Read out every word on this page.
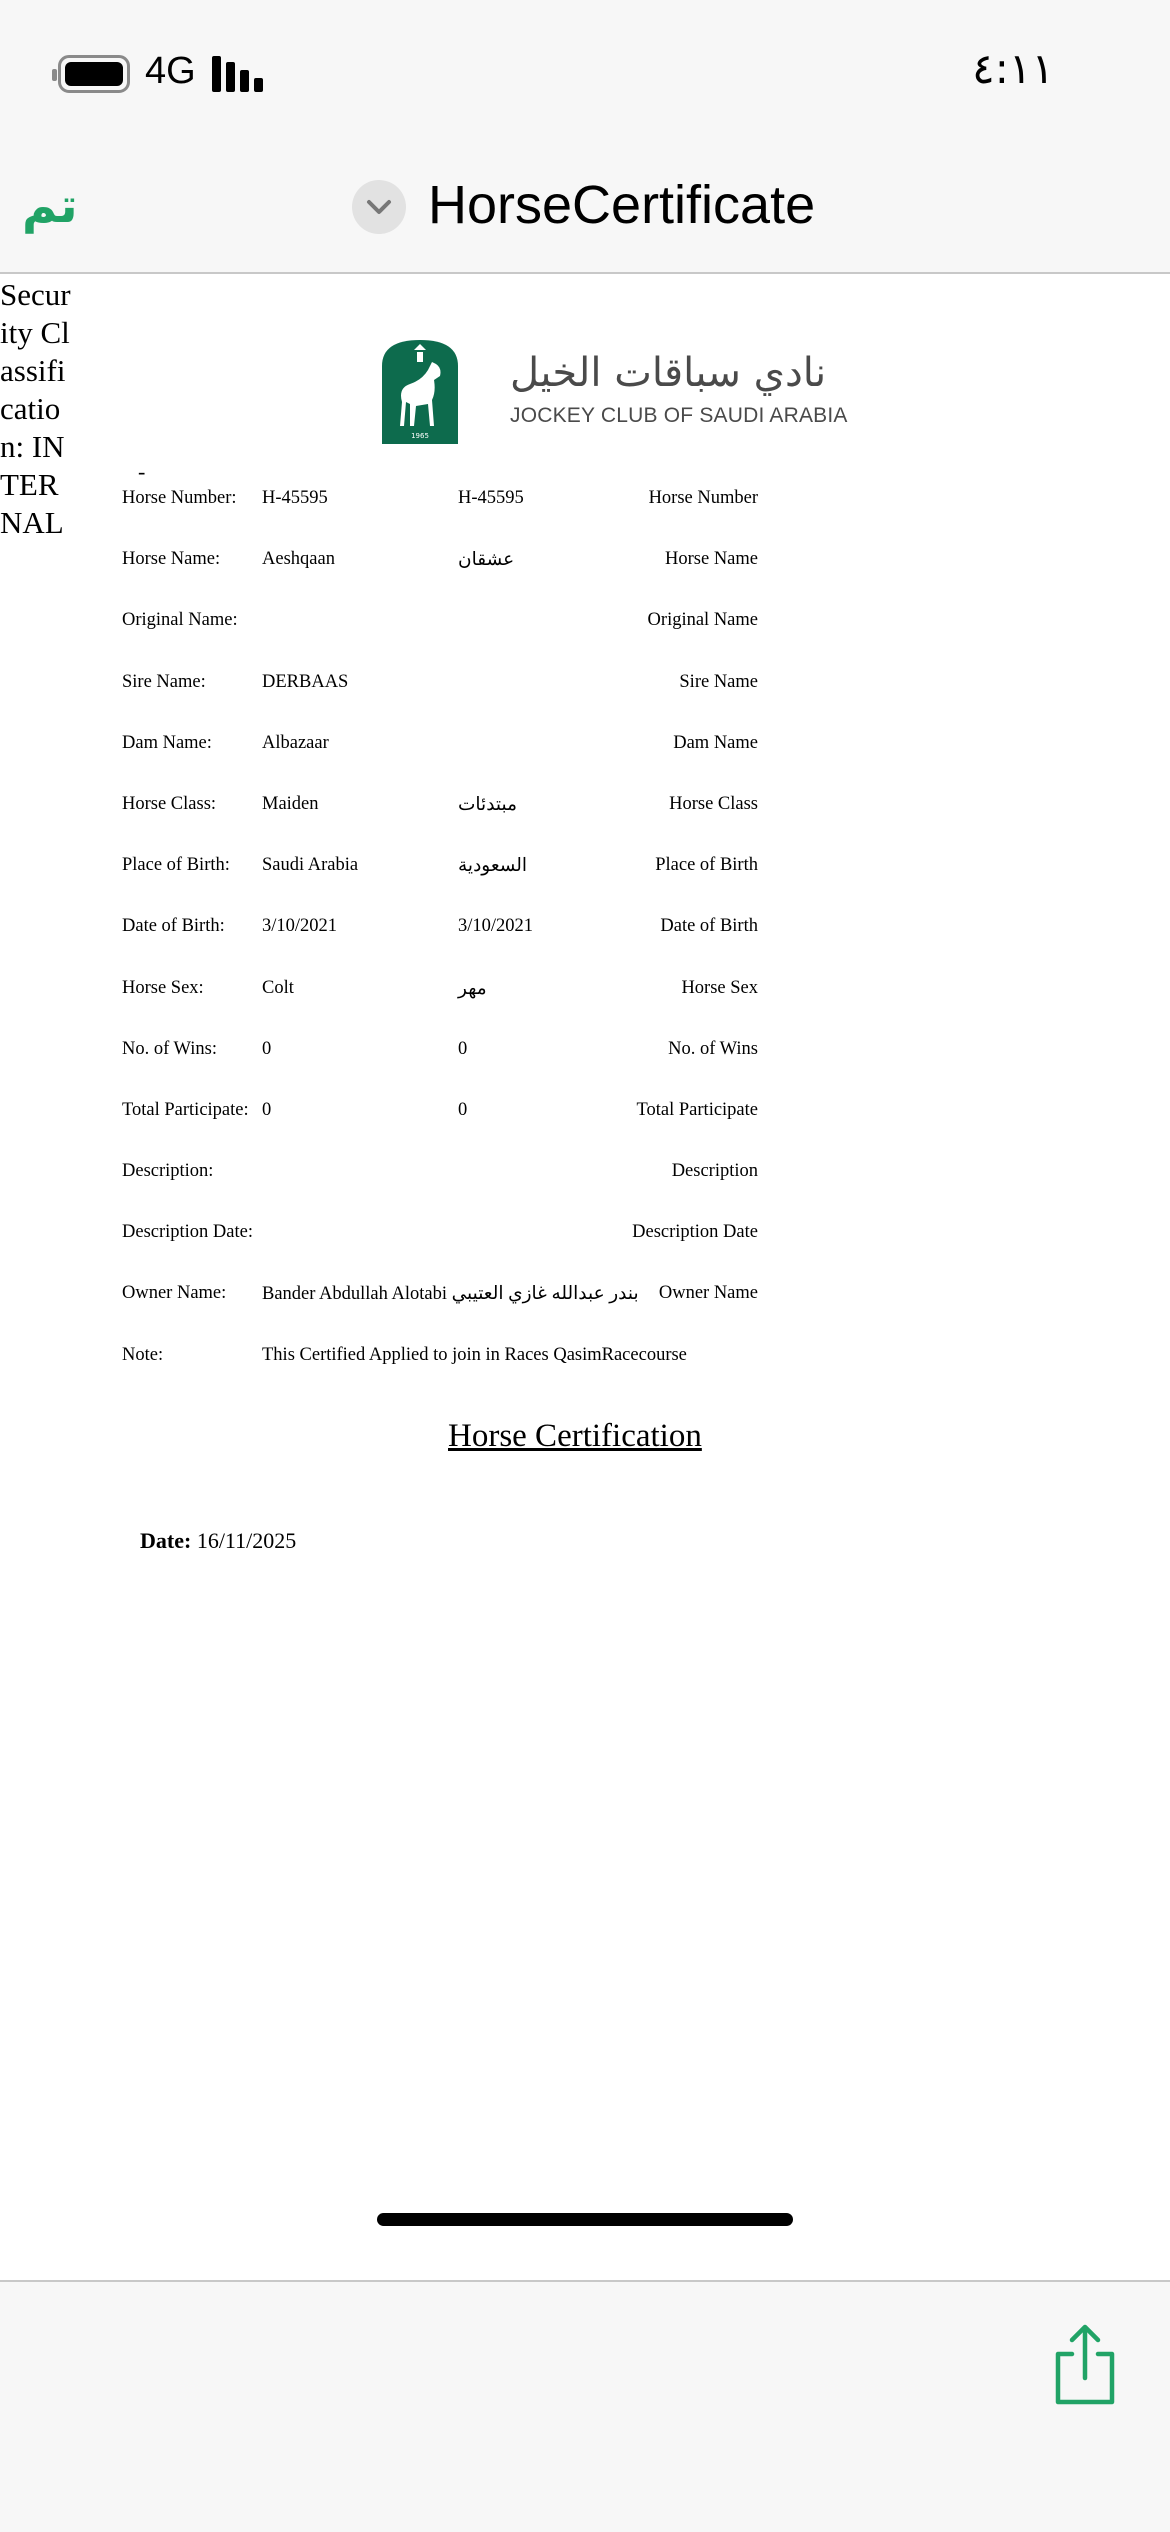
4G	٤:١١
تم	HorseCertificate
Security Classification: INTERNAL
1965
نادي سباقات الخيل
JOCKEY CLUB OF SAUDI ARABIA
-
Horse Number: H-45595	H-45595	Horse Number
Horse Name: Aeshqaan	عشقان	Horse Name
Original Name:	Original Name
Sire Name:	DERBAAS	Sire Name
Dam Name:	Albazaar	Dam Name
Horse Class: Maiden	مبتدئات	Horse Class
Place of Birth: Saudi Arabia	السعودية	Place of Birth
Date of Birth: 3/10/2021	3/10/2021	Date of Birth
Horse Sex:	Colt	مهر	Horse Sex
No. of Wins: 0	0	No. of Wins
Total Participate: 0	0	Total Participate
Description:	Description
Description Date:	Description Date
Owner Name: Bander Abdullah Alotabi بندر عبدالله غازي العتيبي Owner Name
Note:	This Certified Applied to join in Races QasimRacecourse
Horse Certification
Date: 16/11/2025
